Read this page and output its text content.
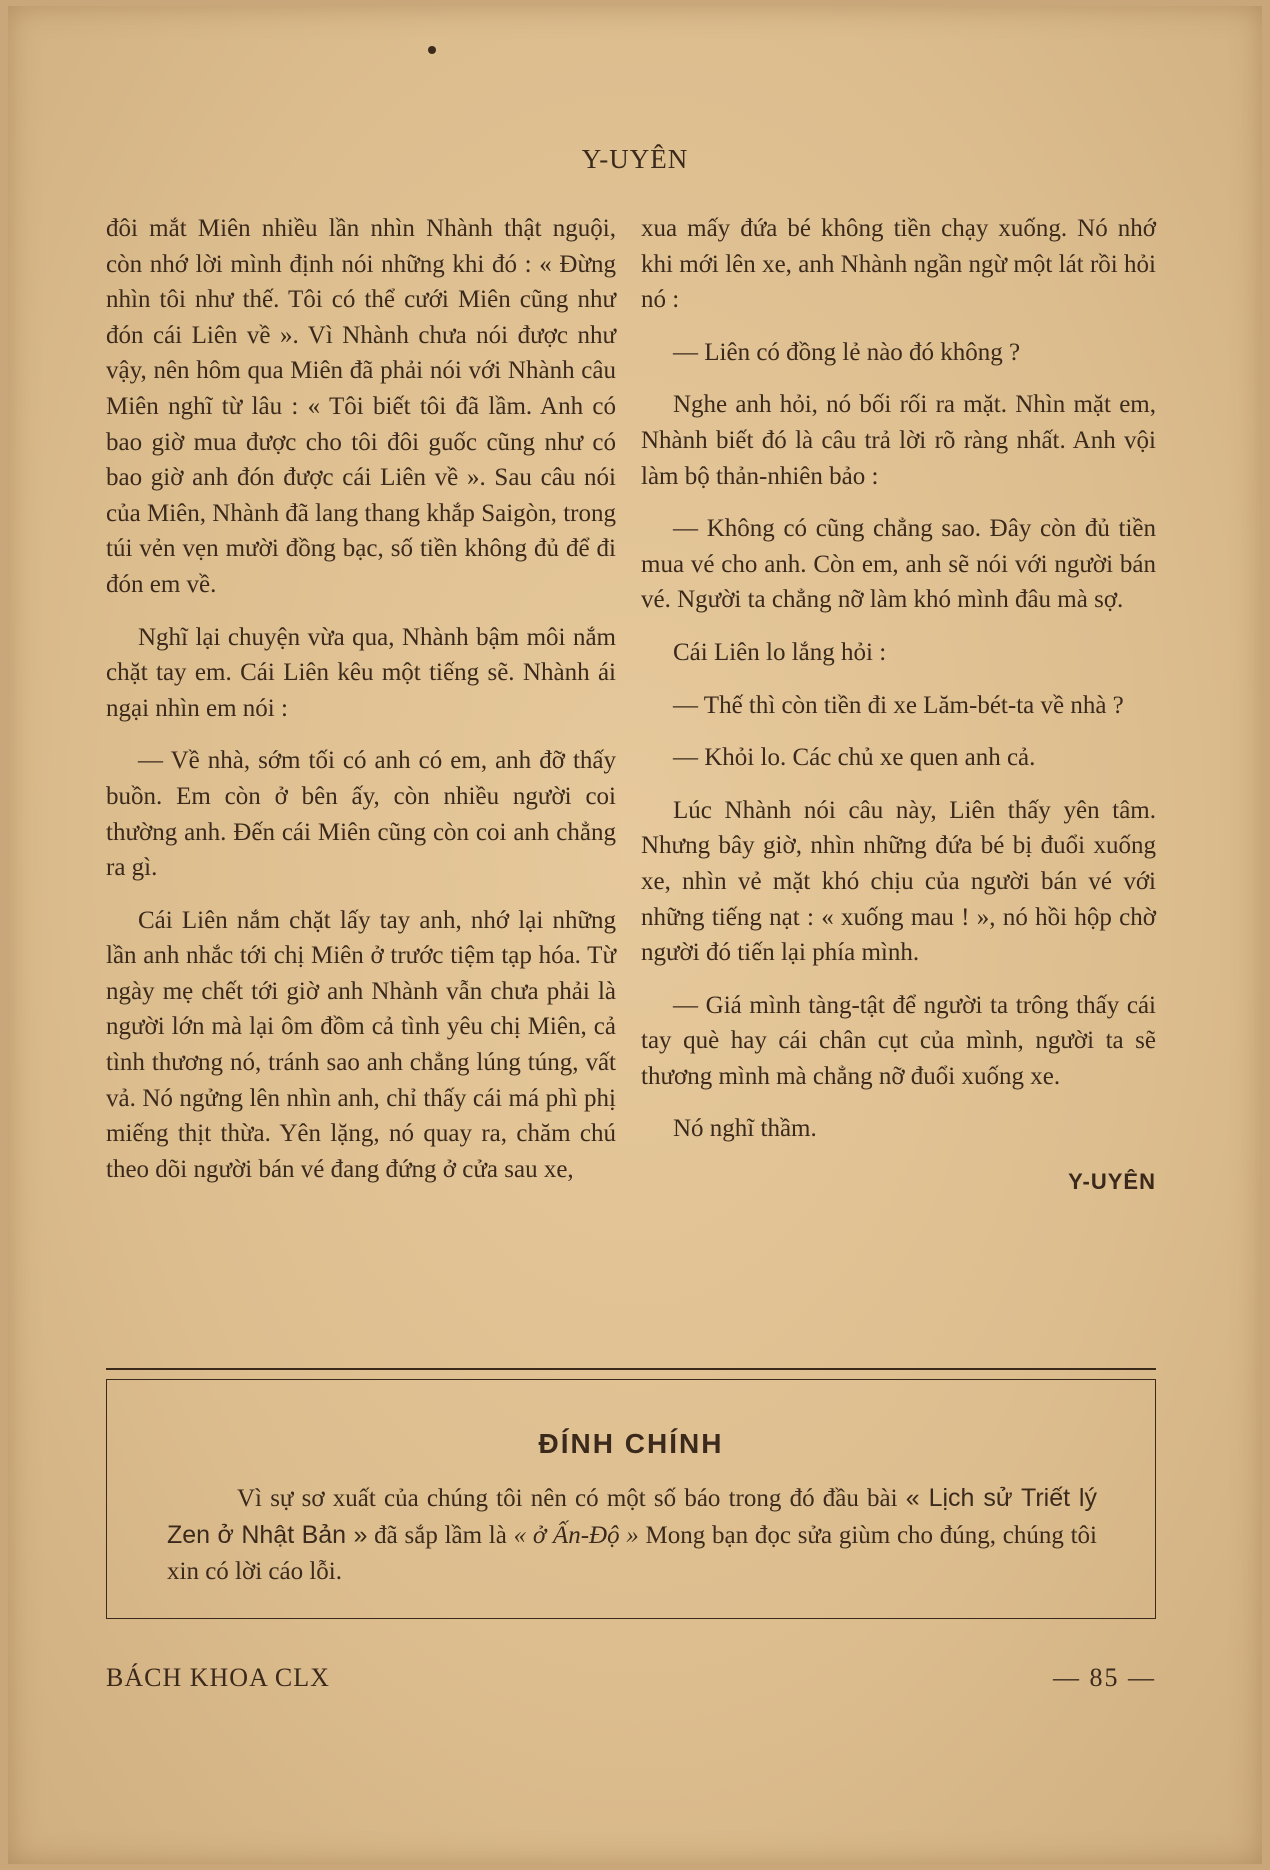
Y-UYÊN

đôi mắt Miên nhiều lần nhìn Nhành thật nguội, còn nhớ lời mình định nói những khi đó : « Đừng nhìn tôi như thế. Tôi có thể cưới Miên cũng như đón cái Liên về ». Vì Nhành chưa nói được như vậy, nên hôm qua Miên đã phải nói với Nhành câu Miên nghĩ từ lâu : « Tôi biết tôi đã lầm. Anh có bao giờ mua được cho tôi đôi guốc cũng như có bao giờ anh đón được cái Liên về ». Sau câu nói của Miên, Nhành đã lang thang khắp Saigòn, trong túi vẻn vẹn mười đồng bạc, số tiền không đủ để đi đón em về.

Nghĩ lại chuyện vừa qua, Nhành bậm môi nắm chặt tay em. Cái Liên kêu một tiếng sẽ. Nhành ái ngại nhìn em nói :

— Về nhà, sớm tối có anh có em, anh đỡ thấy buồn. Em còn ở bên ấy, còn nhiều người coi thường anh. Đến cái Miên cũng còn coi anh chẳng ra gì.

Cái Liên nắm chặt lấy tay anh, nhớ lại những lần anh nhắc tới chị Miên ở trước tiệm tạp hóa. Từ ngày mẹ chết tới giờ anh Nhành vẫn chưa phải là người lớn mà lại ôm đồm cả tình yêu chị Miên, cả tình thương nó, tránh sao anh chẳng lúng túng, vất vả. Nó ngửng lên nhìn anh, chỉ thấy cái má phì phị miếng thịt thừa. Yên lặng, nó quay ra, chăm chú theo dõi người bán vé đang đứng ở cửa sau xe,

xua mấy đứa bé không tiền chạy xuống. Nó nhớ khi mới lên xe, anh Nhành ngần ngừ một lát rồi hỏi nó :

— Liên có đồng lẻ nào đó không ?

Nghe anh hỏi, nó bối rối ra mặt. Nhìn mặt em, Nhành biết đó là câu trả lời rõ ràng nhất. Anh vội làm bộ thản-nhiên bảo :

— Không có cũng chẳng sao. Đây còn đủ tiền mua vé cho anh. Còn em, anh sẽ nói với người bán vé. Người ta chẳng nỡ làm khó mình đâu mà sợ.

Cái Liên lo lắng hỏi :

— Thế thì còn tiền đi xe Lăm-bét-ta về nhà ?

— Khỏi lo. Các chủ xe quen anh cả.

Lúc Nhành nói câu này, Liên thấy yên tâm. Nhưng bây giờ, nhìn những đứa bé bị đuổi xuống xe, nhìn vẻ mặt khó chịu của người bán vé với những tiếng nạt : « xuống mau ! », nó hồi hộp chờ người đó tiến lại phía mình.

— Giá mình tàng-tật để người ta trông thấy cái tay què hay cái chân cụt của mình, người ta sẽ thương mình mà chẳng nỡ đuổi xuống xe.

Nó nghĩ thầm.

Y-UYÊN
ĐÍNH CHÍNH
Vì sự sơ xuất của chúng tôi nên có một số báo trong đó đầu bài « Lịch sử Triết lý Zen ở Nhật Bản » đã sắp lầm là « ở Ấn-Độ » Mong bạn đọc sửa giùm cho đúng, chúng tôi xin có lời cáo lỗi.
BÁCH KHOA CLX	— 85 —
